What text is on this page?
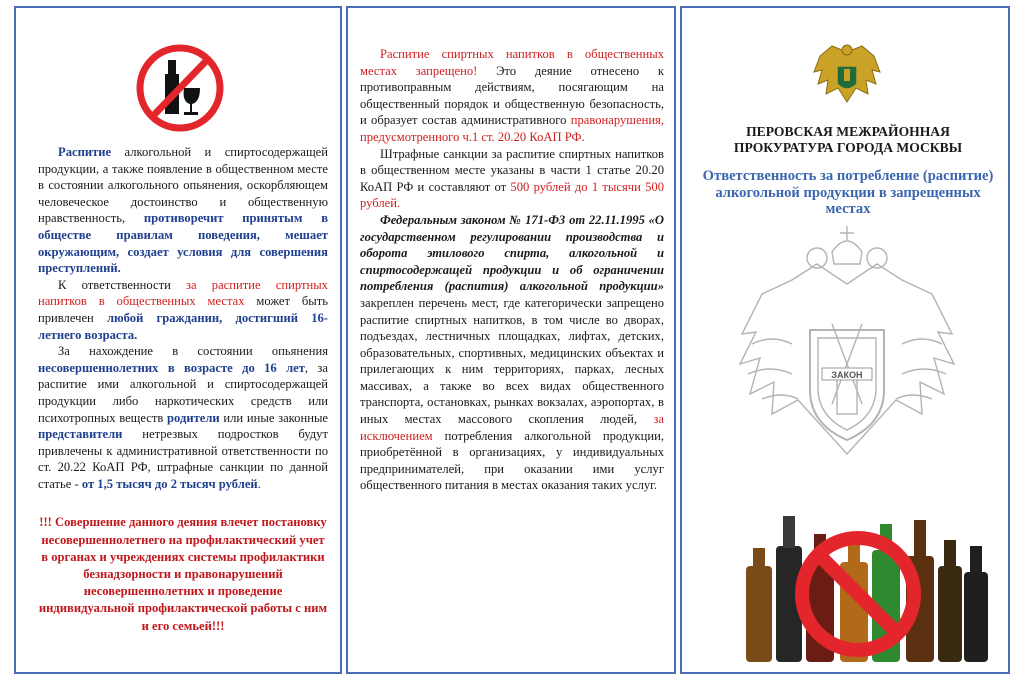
Распитие алкогольной и спиртосодержащей продукции, а также появление в общественном месте в состоянии алкогольного опьянения, оскорбляющем человеческое достоинство и общественную нравственность, противоречит принятым в обществе правилам поведения, мешает окружающим, создает условия для совершения преступлений.

К ответственности за распитие спиртных напитков в общественных местах может быть привлечен любой гражданин, достигший 16-летнего возраста.

За нахождение в состоянии опьянения несовершеннолетних в возрасте до 16 лет, за распитие ими алкогольной и спиртосодержащей продукции либо наркотических средств или психотропных веществ родители или иные законные представители нетрезвых подростков будут привлечены к административной ответственности по ст. 20.22 КоАП РФ, штрафные санкции по данной статье - от 1,5 тысяч до 2 тысяч рублей.

!!! Совершение данного деяния влечет постановку несовершеннолетнего на профилактический учет в органах и учреждениях системы профилактики безнадзорности и правонарушений несовершеннолетних и проведение индивидуальной профилактической работы с ним и его семьей!!!

Распитие спиртных напитков в общественных местах запрещено! Это деяние отнесено к противоправным действиям, посягающим на общественный порядок и общественную безопасность, и образует состав административного правонарушения, предусмотренного ч.1 ст. 20.20 КоАП РФ.

Штрафные санкции за распитие спиртных напитков в общественном месте указаны в части 1 статье 20.20 КоАП РФ и составляют от 500 рублей до 1 тысячи 500 рублей.

Федеральным законом № 171-ФЗ от 22.11.1995 «О государственном регулировании производства и оборота этилового спирта, алкогольной и спиртосодержащей продукции и об ограничении потребления (распития) алкогольной продукции» закреплен перечень мест, где категорически запрещено распитие спиртных напитков, в том числе во дворах, подъездах, лестничных площадках, лифтах, детских, образовательных, спортивных, медицинских объектах и прилегающих к ним территориях, парках, лесных массивах, а также во всех видах общественного транспорта, остановках, рынках вокзалах, аэропортах, в иных местах массового скопления людей, за исключением потребления алкогольной продукции, приобретённой в организациях, у индивидуальных предпринимателей, при оказании ими услуг общественного питания в местах оказания таких услуг.

ПЕРОВСКАЯ МЕЖРАЙОННАЯ ПРОКУРАТУРА ГОРОДА МОСКВЫ
Ответственность за потребление (распитие) алкогольной продукции в запрещенных местах
ЗАКОН
